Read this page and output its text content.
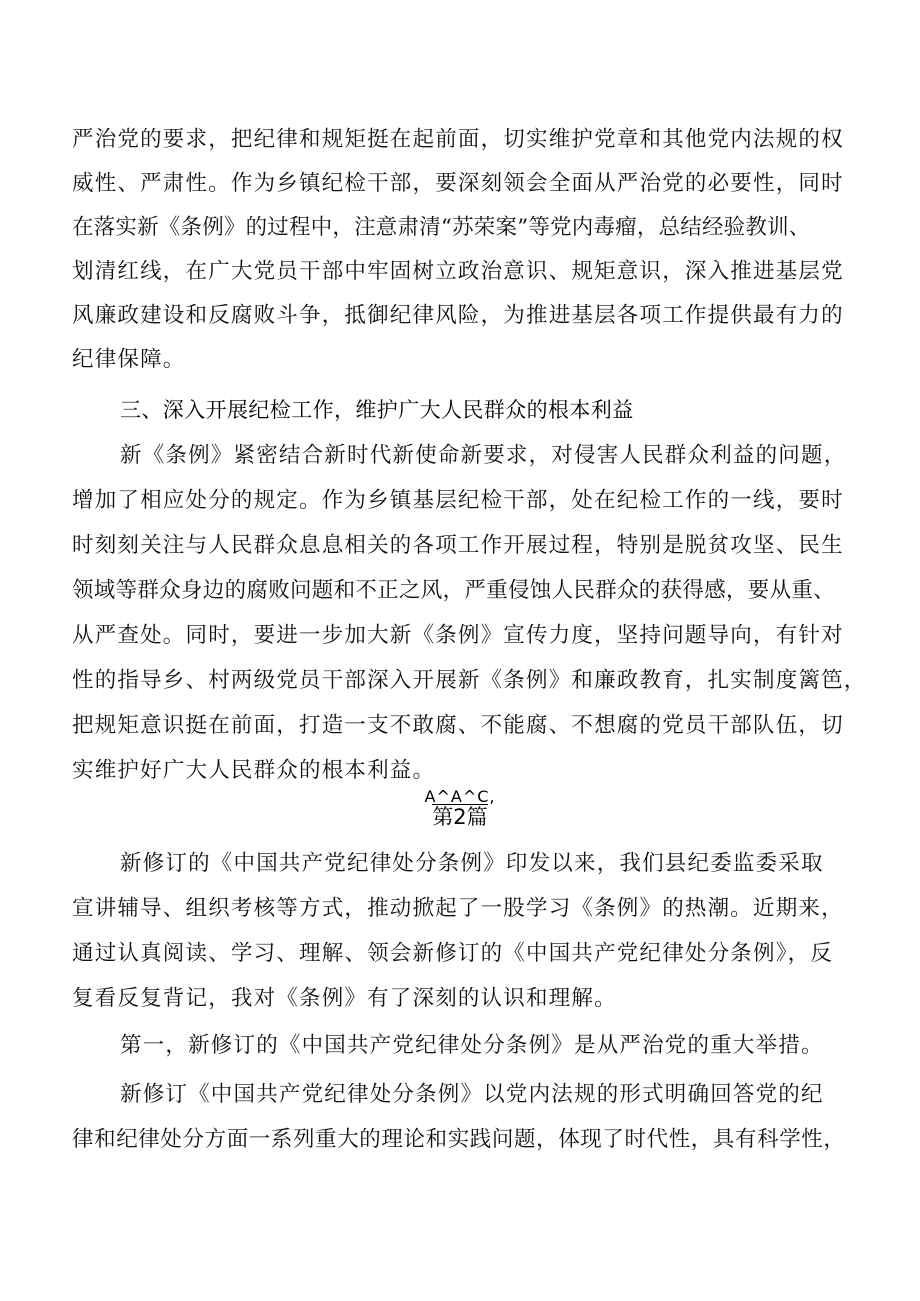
严治党的要求，把纪律和规矩挺在起前面，切实维护党章和其他党内法规的权
威性、严肃性。作为乡镇纪检干部，要深刻领会全面从严治党的必要性，同时
在落实新《条例》的过程中，注意肃清“苏荣案”等党内毒瘤，总结经验教训、
划清红线，在广大党员干部中牢固树立政治意识、规矩意识，深入推进基层党
风廉政建设和反腐败斗争，抵御纪律风险，为推进基层各项工作提供最有力的
纪律保障。
三、深入开展纪检工作，维护广大人民群众的根本利益
新《条例》紧密结合新时代新使命新要求，对侵害人民群众利益的问题，
增加了相应处分的规定。作为乡镇基层纪检干部，处在纪检工作的一线，要时
时刻刻关注与人民群众息息相关的各项工作开展过程，特别是脱贫攻坚、民生
领域等群众身边的腐败问题和不正之风，严重侵蚀人民群众的获得感，要从重、
从严查处。同时，要进一步加大新《条例》宣传力度，坚持问题导向，有针对
性的指导乡、村两级党员干部深入开展新《条例》和廉政教育，扎实制度篱笆，
把规矩意识挺在前面，打造一支不敢腐、不能腐、不想腐的党员干部队伍，切
实维护好广大人民群众的根本利益。
A^A^C,
第2篇
新修订的《中国共产党纪律处分条例》印发以来，我们县纪委监委采取
宣讲辅导、组织考核等方式，推动掀起了一股学习《条例》的热潮。近期来，
通过认真阅读、学习、理解、领会新修订的《中国共产党纪律处分条例》，反
复看反复背记，我对《条例》有了深刻的认识和理解。
第一，新修订的《中国共产党纪律处分条例》是从严治党的重大举措。
新修订《中国共产党纪律处分条例》以党内法规的形式明确回答党的纪
律和纪律处分方面一系列重大的理论和实践问题，体现了时代性，具有科学性，
